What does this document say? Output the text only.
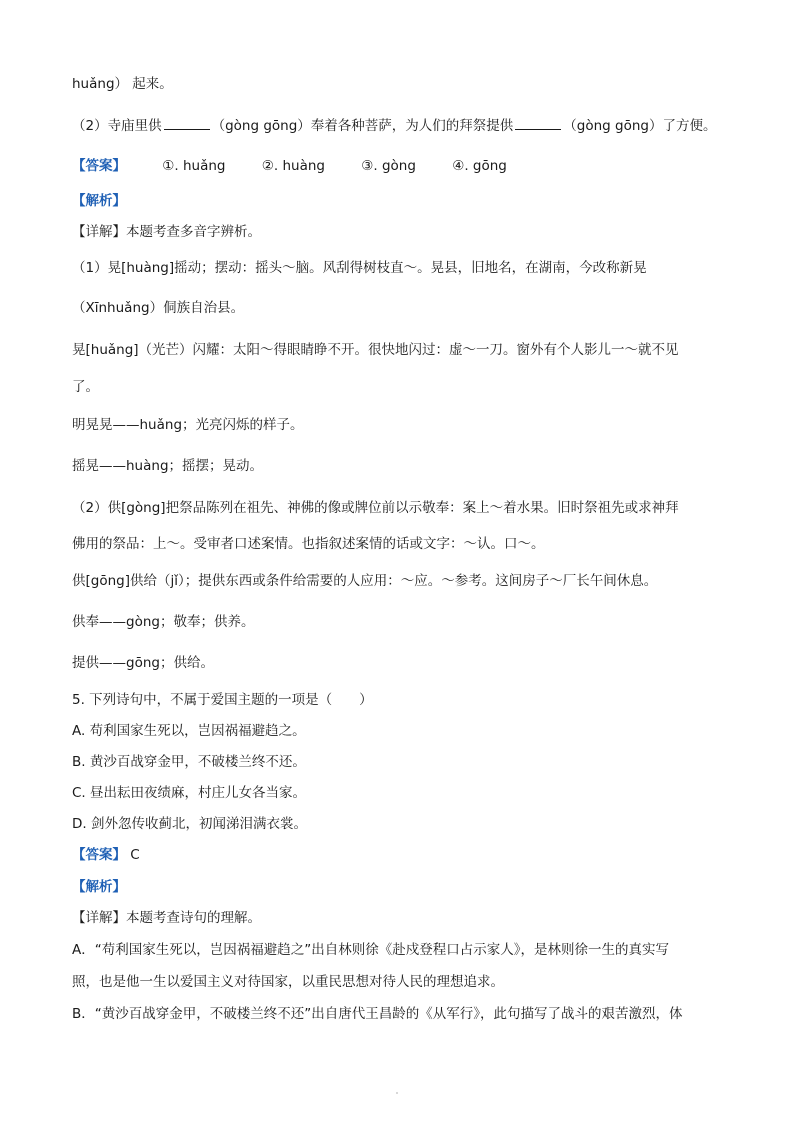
huǎng） 起来。
（2）寺庙里供	（gòng gōng）奉着各种菩萨，为人们的拜祭提供	（gòng gōng）了方便。
【答案】	①. huǎng	②. huàng	③. gòng	④. gōng
【解析】
【详解】本题考查多音字辨析。
（1）晃[huàng]摇动；摆动：摇头～脑。风刮得树枝直～。晃县，旧地名，在湖南，今改称新晃
（Xīnhuǎng）侗族自治县。
晃[huǎng]（光芒）闪耀：太阳～得眼睛睁不开。很快地闪过：虚～一刀。窗外有个人影儿一～就不见
了。
明晃晃——huǎng；光亮闪烁的样子。
摇晃——huàng；摇摆；晃动。
（2）供[gòng]把祭品陈列在祖先、神佛的像或牌位前以示敬奉：案上～着水果。旧时祭祖先或求神拜
佛用的祭品：上～。受审者口述案情。也指叙述案情的话或文字：～认。口～。
供[gōng]供给（jǐ）；提供东西或条件给需要的人应用：～应。～参考。这间房子～厂长午间休息。
供奉——gòng；敬奉；供养。
提供——gōng；供给。
5. 下列诗句中，不属于爱国主题的一项是（　　）
A. 苟利国家生死以，岂因祸福避趋之。
B. 黄沙百战穿金甲，不破楼兰终不还。
C. 昼出耘田夜绩麻，村庄儿女各当家。
D. 剑外忽传收蓟北，初闻涕泪满衣裳。
【答案】 C
【解析】
【详解】本题考查诗句的理解。
A．“苟利国家生死以，岂因祸福避趋之”出自林则徐《赴戍登程口占示家人》，是林则徐一生的真实写
照，也是他一生以爱国主义对待国家，以重民思想对待人民的理想追求。
B．“黄沙百战穿金甲，不破楼兰终不还”出自唐代王昌龄的《从军行》，此句描写了战斗的艰苦激烈，体
